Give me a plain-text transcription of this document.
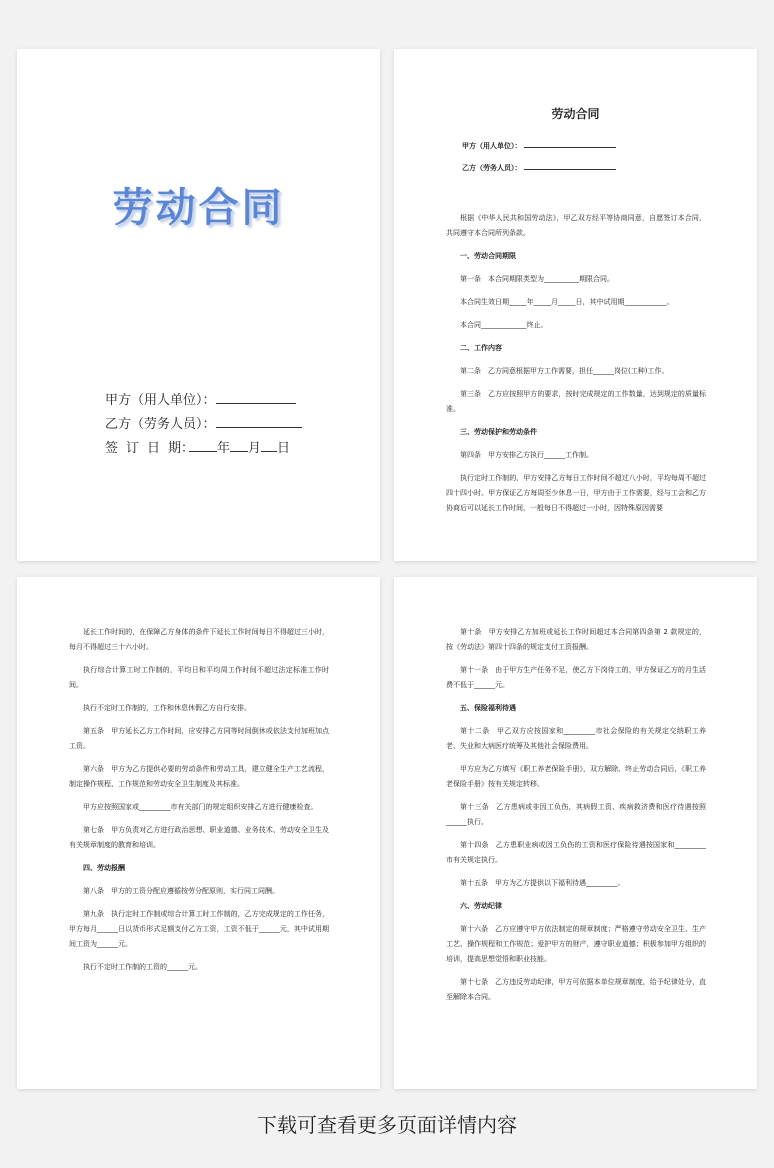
劳动合同
甲方（用人单位）：
乙方（劳务人员）：
签 订 日 期： 年 月 日
劳动合同
甲方（用人单位）：
乙方（劳务人员）：
根据《中华人民共和国劳动法》，甲乙双方经平等协商同意，自愿签订本合同，共同遵守本合同所列条款。
一、劳动合同期限
第一条　本合同期限类型为__________期限合同。
本合同生效日期_____年_____月_____日，其中试用期____________。
本合同_____________终止。
二、工作内容
第二条　乙方同意根据甲方工作需要，担任______岗位(工种)工作。
第三条　乙方应按照甲方的要求，按时完成规定的工作数量，达到规定的质量标准。
三、劳动保护和劳动条件
第四条　甲方安排乙方执行______工作制。
执行定时工作制的，甲方安排乙方每日工作时间不超过八小时，平均每周不超过四十四小时。甲方保证乙方每周至少休息一日，甲方由于工作需要，经与工会和乙方协商后可以延长工作时间，一般每日不得超过一小时，因特殊原因需要
延长工作时间的，在保障乙方身体的条件下延长工作时间每日不得超过三小时，每月不得超过三十六小时。
执行综合计算工时工作制的，平均日和平均周工作时间不超过法定标准工作时间。
执行不定时工作制的，工作和休息休假乙方自行安排。
第五条　甲方延长乙方工作时间，应安排乙方同等时间倒休或依法支付加班加点工资。
第六条　甲方为乙方提供必要的劳动条件和劳动工具，建立健全生产工艺流程，制定操作规程、工作规范和劳动安全卫生制度及其标准。
甲方应按照国家或_________市有关部门的规定组织安排乙方进行健康检查。
第七条　甲方负责对乙方进行政治思想、职业道德、业务技术、劳动安全卫生及有关规章制度的教育和培训。
四、劳动报酬
第八条　甲方的工资分配应遵循按劳分配原则，实行同工同酬。
第九条　执行定时工作制或综合计算工时工作制的，乙方完成规定的工作任务，甲方每月______日以货币形式足额支付乙方工资，工资不低于______元，其中试用期间工资为______元。
执行不定时工作制的工资的______元。
第十条　甲方安排乙方加班或延长工作时间超过本合同第四条第 2 款规定的，按《劳动法》第四十四条的规定支付工资报酬。
第十一条　由于甲方生产任务不足，使乙方下岗待工的，甲方保证乙方的月生活费不低于______元。
五、保险福利待遇
第十二条　甲乙双方应按国家和_________市社会保险的有关规定交纳职工养老、失业和大病医疗统筹及其他社会保险费用。
甲方应为乙方填写《职工养老保险手册》，双方解除、终止劳动合同后，《职工养老保险手册》按有关规定转移。
第十三条　乙方患病或非因工负伤，其病假工资、疾病救济费和医疗待遇按照______执行。
第十四条　乙方患职业病或因工负伤的工资和医疗保险待遇按国家和_________市有关规定执行。
第十五条　甲方为乙方提供以下福利待遇_________。
六、劳动纪律
第十六条　乙方应遵守甲方依法制定的规章制度；严格遵守劳动安全卫生、生产工艺、操作规程和工作规范；爱护甲方的财产，遵守职业道德；积极参加甲方组织的培训，提高思想觉悟和职业技能。
第十七条　乙方违反劳动纪律，甲方可依据本单位规章制度，给予纪律处分，直至解除本合同。
下载可查看更多页面详情内容
